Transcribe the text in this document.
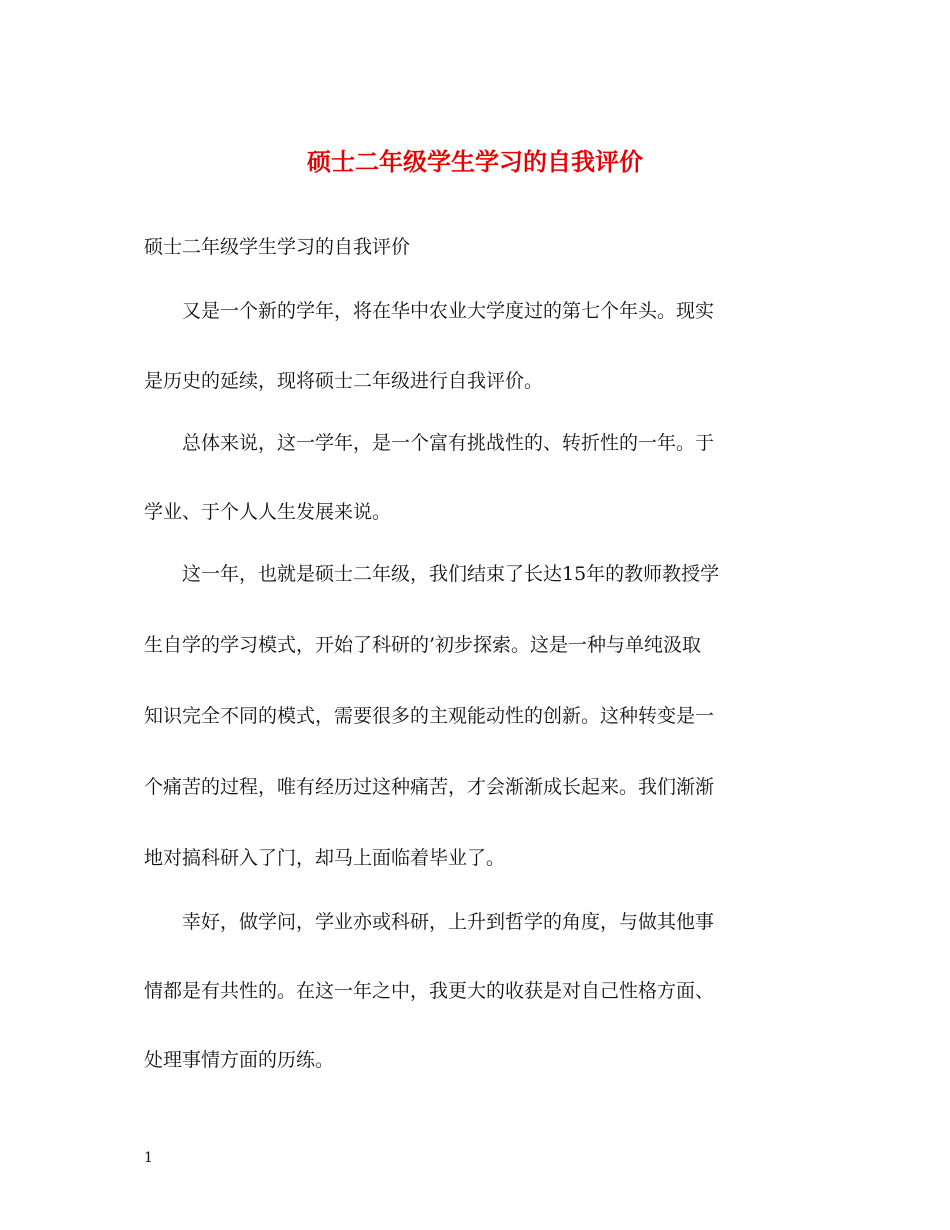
硕士二年级学生学习的自我评价
硕士二年级学生学习的自我评价
　　又是一个新的学年，将在华中农业大学度过的第七个年头。现实
是历史的延续，现将硕士二年级进行自我评价。
　　总体来说，这一学年，是一个富有挑战性的、转折性的一年。于
学业、于个人人生发展来说。
　　这一年，也就是硕士二年级，我们结束了长达15年的教师教授学
生自学的学习模式，开始了科研的’初步探索。这是一种与单纯汲取
知识完全不同的模式，需要很多的主观能动性的创新。这种转变是一
个痛苦的过程，唯有经历过这种痛苦，才会渐渐成长起来。我们渐渐
地对搞科研入了门，却马上面临着毕业了。
　　幸好，做学问，学业亦或科研，上升到哲学的角度，与做其他事
情都是有共性的。在这一年之中，我更大的收获是对自己性格方面、
处理事情方面的历练。
1
